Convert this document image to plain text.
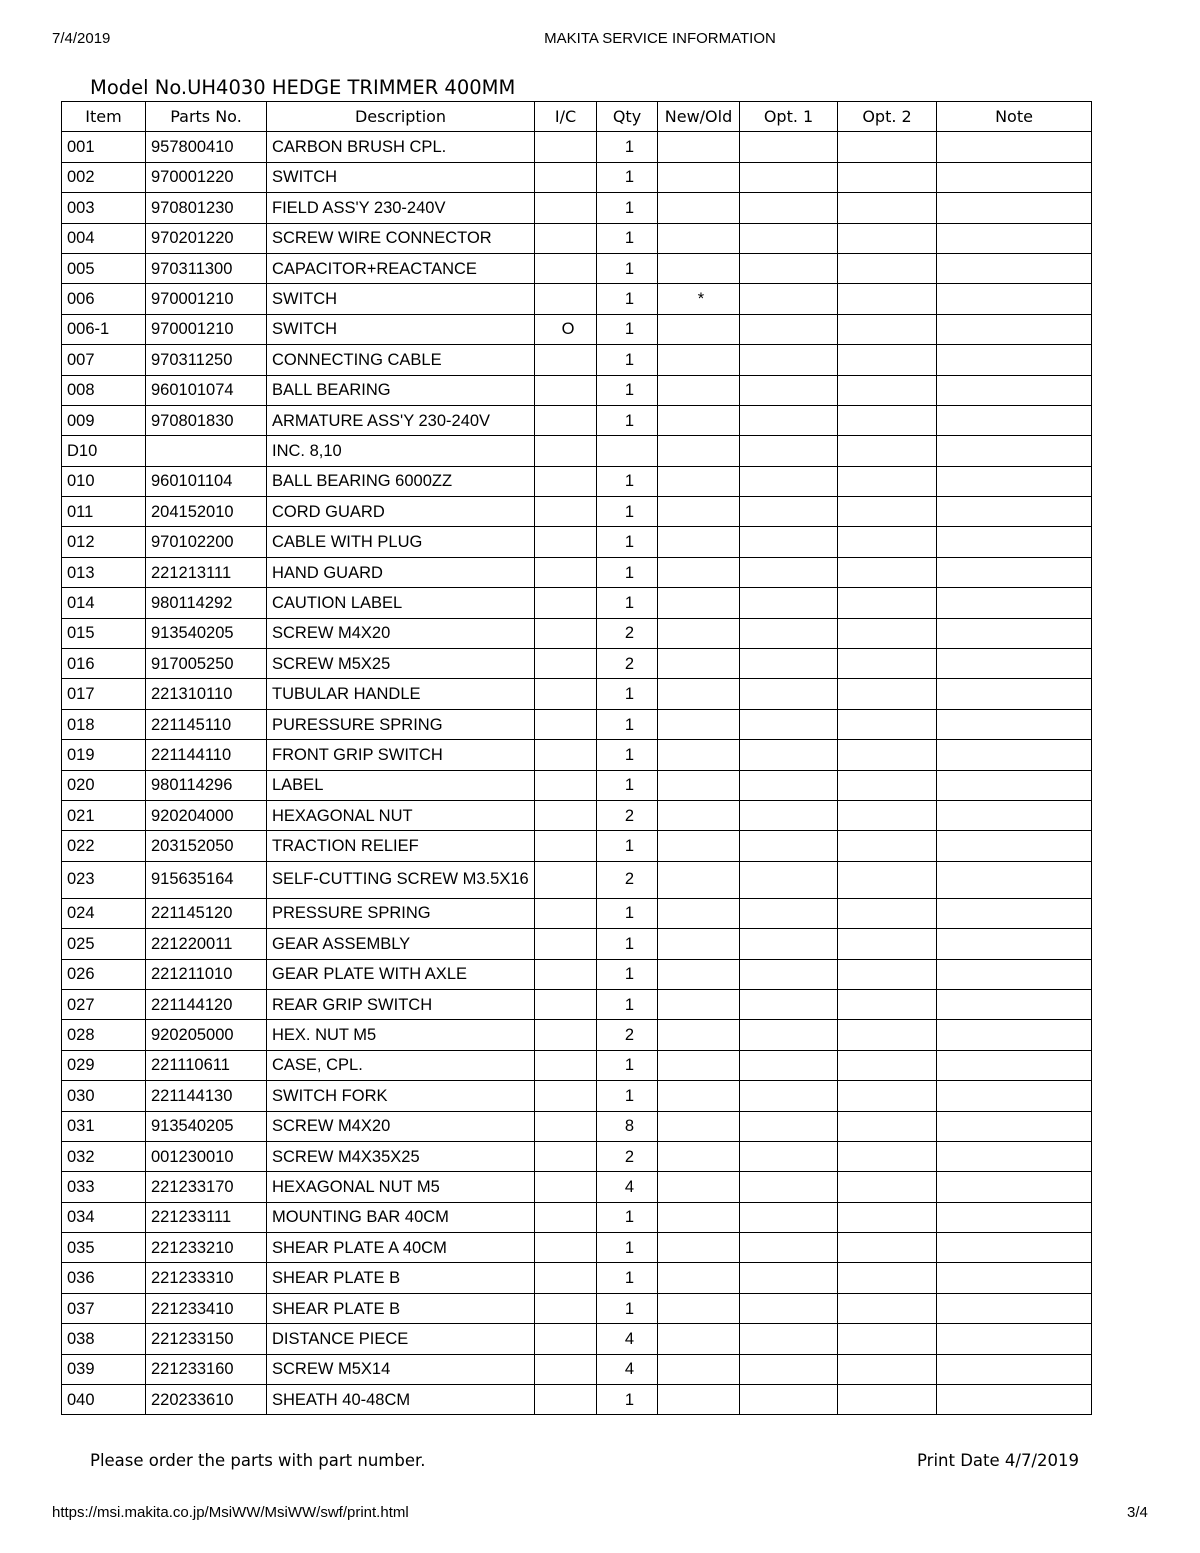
7/4/2019	MAKITA SERVICE INFORMATION
Model No.UH4030 HEDGE TRIMMER 400MM
Item	Parts No.	Description	I/C	Qty	New/Old	Opt. 1	Opt. 2	Note
001	957800410	CARBON BRUSH CPL.		1				
002	970001220	SWITCH		1				
003	970801230	FIELD ASS'Y 230-240V		1				
004	970201220	SCREW WIRE CONNECTOR		1				
005	970311300	CAPACITOR+REACTANCE		1				
006	970001210	SWITCH		1	*			
006-1	970001210	SWITCH	O	1				
007	970311250	CONNECTING CABLE		1				
008	960101074	BALL BEARING		1				
009	970801830	ARMATURE ASS'Y 230-240V		1				
D10		INC. 8,10						
010	960101104	BALL BEARING 6000ZZ		1				
011	204152010	CORD GUARD		1				
012	970102200	CABLE WITH PLUG		1				
013	221213111	HAND GUARD		1				
014	980114292	CAUTION LABEL		1				
015	913540205	SCREW M4X20		2				
016	917005250	SCREW M5X25		2				
017	221310110	TUBULAR HANDLE		1				
018	221145110	PURESSURE SPRING		1				
019	221144110	FRONT GRIP SWITCH		1				
020	980114296	LABEL		1				
021	920204000	HEXAGONAL NUT		2				
022	203152050	TRACTION RELIEF		1				
023	915635164	SELF-CUTTING SCREW M3.5X16		2				
024	221145120	PRESSURE SPRING		1				
025	221220011	GEAR ASSEMBLY		1				
026	221211010	GEAR PLATE WITH AXLE		1				
027	221144120	REAR GRIP SWITCH		1				
028	920205000	HEX. NUT M5		2				
029	221110611	CASE, CPL.		1				
030	221144130	SWITCH FORK		1				
031	913540205	SCREW M4X20		8				
032	001230010	SCREW M4X35X25		2				
033	221233170	HEXAGONAL NUT M5		4				
034	221233111	MOUNTING BAR 40CM		1				
035	221233210	SHEAR PLATE A 40CM		1				
036	221233310	SHEAR PLATE B		1				
037	221233410	SHEAR PLATE B		1				
038	221233150	DISTANCE PIECE		4				
039	221233160	SCREW M5X14		4				
040	220233610	SHEATH 40-48CM		1				
Please order the parts with part number.	Print Date 4/7/2019
https://msi.makita.co.jp/MsiWW/MsiWW/swf/print.html	3/4
